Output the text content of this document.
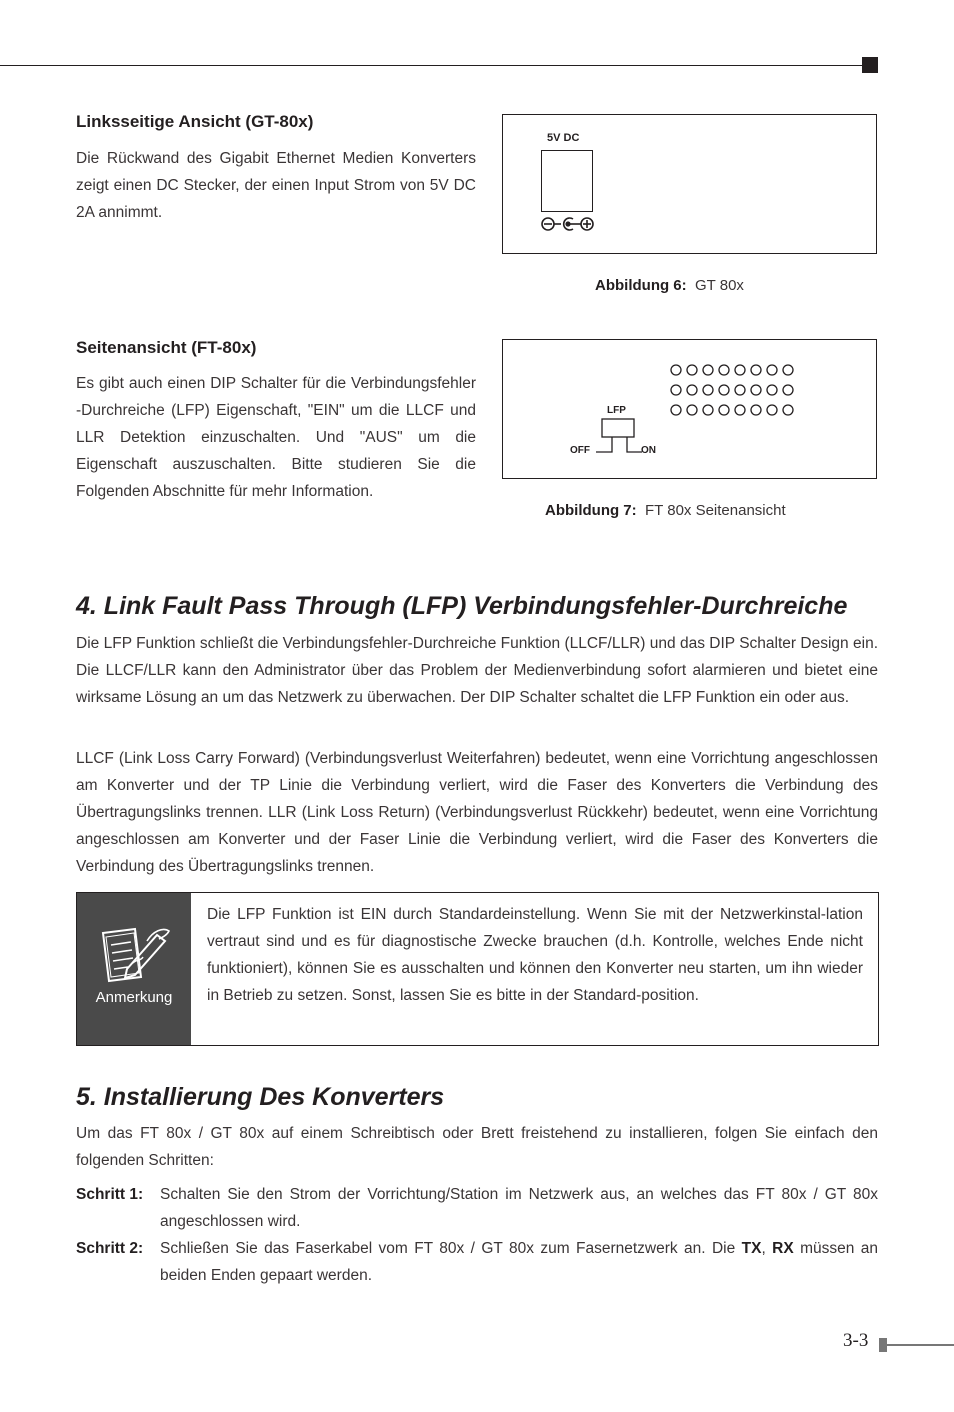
Linksseitige Ansicht (GT-80x)
Die Rückwand des Gigabit Ethernet Medien Konverters zeigt einen DC Stecker, der einen Input Strom von 5V DC 2A annimmt.
5V DC
Abbildung 6: GT 80x
Seitenansicht (FT-80x)
Es gibt auch einen DIP Schalter für die Verbindungsfehler -Durchreiche (LFP) Eigenschaft, "EIN" um die LLCF und LLR Detektion einzuschalten. Und "AUS" um die Eigenschaft auszuschalten. Bitte studieren Sie die Folgenden Abschnitte für mehr Information.
LFP
OFF	ON
Abbildung 7: FT 80x Seitenansicht
4. Link Fault Pass Through (LFP) Verbindungsfehler-Durchreiche
Die LFP Funktion schließt die Verbindungsfehler-Durchreiche Funktion (LLCF/LLR) und das DIP Schalter Design ein. Die LLCF/LLR kann den Administrator über das Problem der Medienverbindung sofort alarmieren und bietet eine wirksame Lösung an um das Netzwerk zu überwachen. Der DIP Schalter schaltet die LFP Funktion ein oder aus.
LLCF (Link Loss Carry Forward) (Verbindungsverlust Weiterfahren) bedeutet, wenn eine Vorrichtung angeschlossen am Konverter und der TP Linie die Verbindung verliert, wird die Faser des Konverters die Verbindung des Übertragungslinks trennen. LLR (Link Loss Return) (Verbindungsverlust Rückkehr) bedeutet, wenn eine Vorrichtung angeschlossen am Konverter und der Faser Linie die Verbindung verliert, wird die Faser des Konverters die Verbindung des Übertragungslinks trennen.
Anmerkung
Die LFP Funktion ist EIN durch Standardeinstellung. Wenn Sie mit der Netzwerkinstal-lation vertraut sind und es für diagnostische Zwecke brauchen (d.h. Kontrolle, welches Ende nicht funktioniert), können Sie es ausschalten und können den Konverter neu starten, um ihn wieder in Betrieb zu setzen. Sonst, lassen Sie es bitte in der Standard-position.
5. Installierung Des Konverters
Um das FT 80x / GT 80x auf einem Schreibtisch oder Brett freistehend zu installieren, folgen Sie einfach den folgenden Schritten:
Schritt 1: Schalten Sie den Strom der Vorrichtung/Station im Netzwerk aus, an welches das FT 80x / GT 80x angeschlossen wird.
Schritt 2: Schließen Sie das Faserkabel vom FT 80x / GT 80x zum Fasernetzwerk an. Die TX, RX müssen an beiden Enden gepaart werden.
3-3
